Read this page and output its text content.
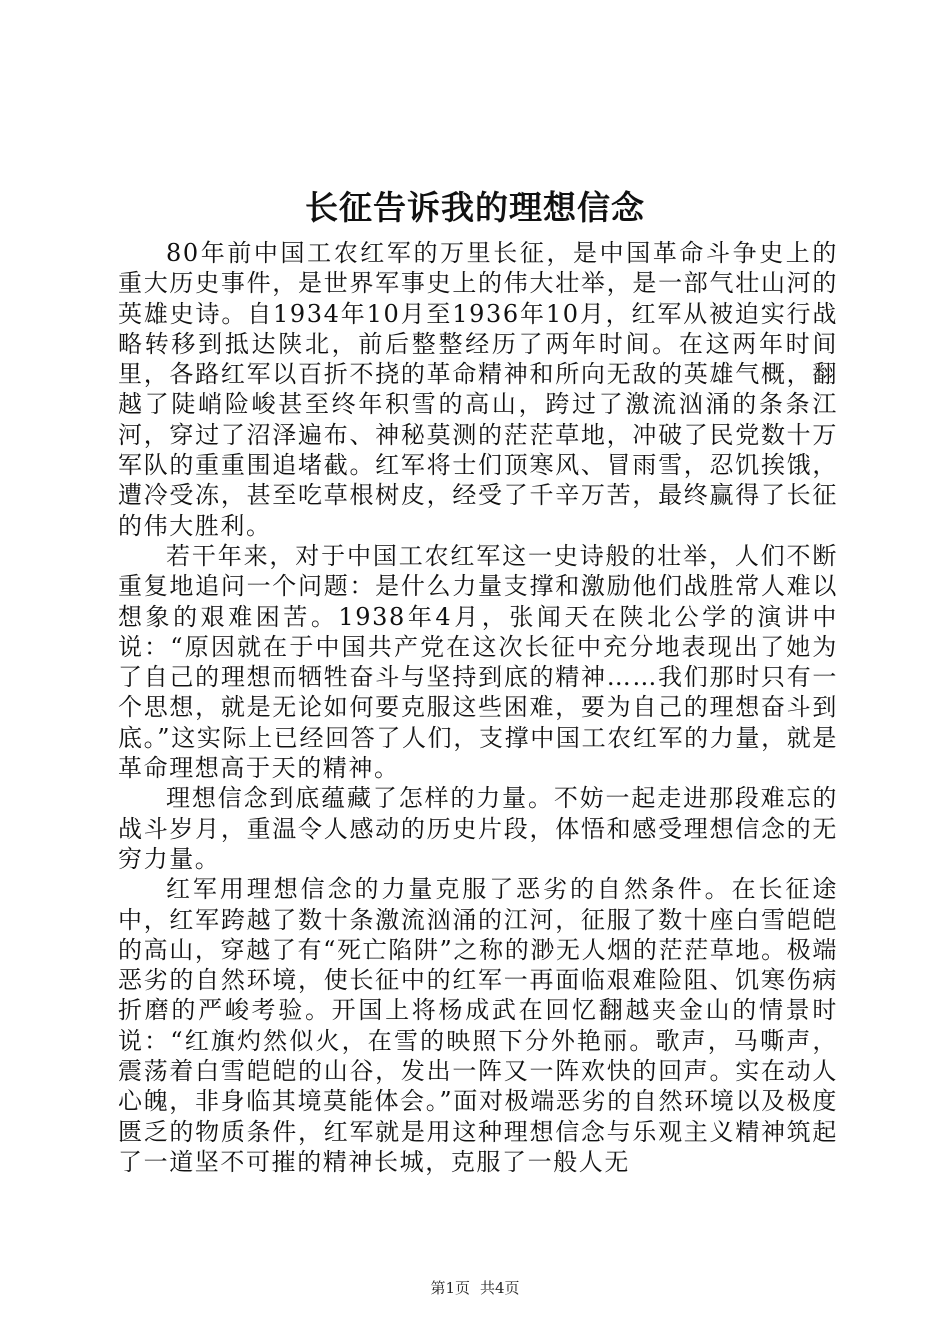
长征告诉我的理想信念

80年前中国工农红军的万里长征，是中国革命斗争史上的重大历史事件，是世界军事史上的伟大壮举，是一部气壮山河的英雄史诗。自1934年10月至1936年10月，红军从被迫实行战略转移到抵达陕北，前后整整经历了两年时间。在这两年时间里，各路红军以百折不挠的革命精神和所向无敌的英雄气概，翻越了陡峭险峻甚至终年积雪的高山，跨过了激流汹涌的条条江河，穿过了沼泽遍布、神秘莫测的茫茫草地，冲破了民党数十万军队的重重围追堵截。红军将士们顶寒风、冒雨雪，忍饥挨饿，遭冷受冻，甚至吃草根树皮，经受了千辛万苦，最终赢得了长征的伟大胜利。

若干年来，对于中国工农红军这一史诗般的壮举，人们不断重复地追问一个问题：是什么力量支撑和激励他们战胜常人难以想象的艰难困苦。1938年4月，张闻天在陕北公学的演讲中说：“原因就在于中国共产党在这次长征中充分地表现出了她为了自己的理想而牺牲奋斗与坚持到底的精神……我们那时只有一个思想，就是无论如何要克服这些困难，要为自己的理想奋斗到底。”这实际上已经回答了人们，支撑中国工农红军的力量，就是革命理想高于天的精神。

理想信念到底蕴藏了怎样的力量。不妨一起走进那段难忘的战斗岁月，重温令人感动的历史片段，体悟和感受理想信念的无穷力量。

红军用理想信念的力量克服了恶劣的自然条件。在长征途中，红军跨越了数十条激流汹涌的江河，征服了数十座白雪皑皑的高山，穿越了有“死亡陷阱”之称的渺无人烟的茫茫草地。极端恶劣的自然环境，使长征中的红军一再面临艰难险阻、饥寒伤病折磨的严峻考验。开国上将杨成武在回忆翻越夹金山的情景时说：“红旗灼然似火，在雪的映照下分外艳丽。歌声，马嘶声，震荡着白雪皑皑的山谷，发出一阵又一阵欢快的回声。实在动人心魄，非身临其境莫能体会。”面对极端恶劣的自然环境以及极度匮乏的物质条件，红军就是用这种理想信念与乐观主义精神筑起了一道坚不可摧的精神长城，克服了一般人无

第1页 共4页
